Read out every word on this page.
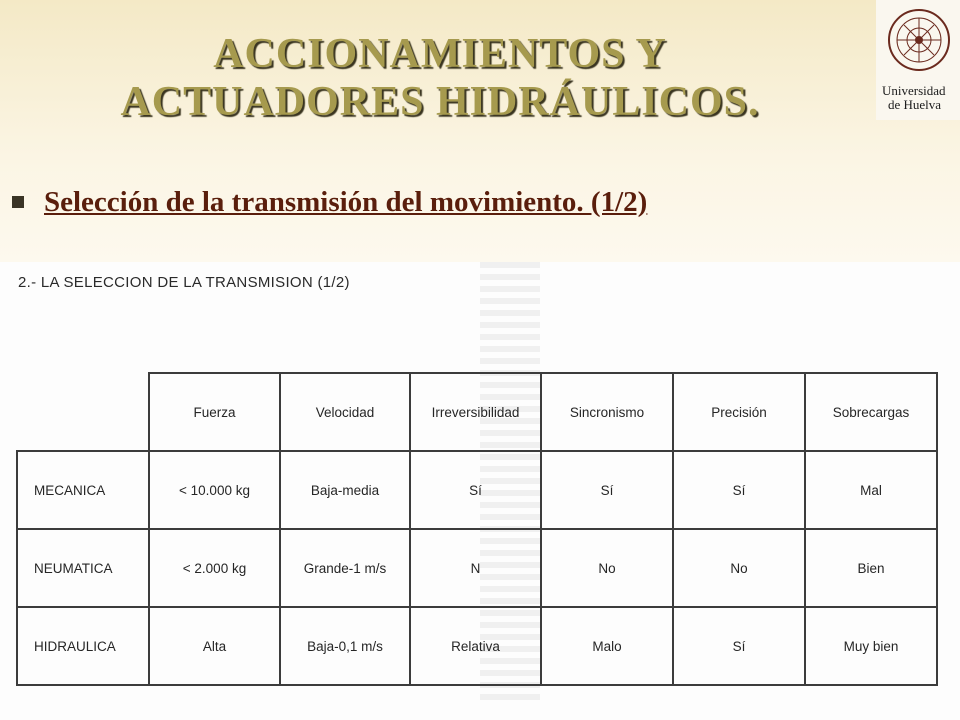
ACCIONAMIENTOS Y
ACTUADORES HIDRÁULICOS.	Universidad
de Huelva
Selección de la transmisión del movimiento. (1/2)
2.- LA SELECCION DE LA TRANSMISION (1/2)
	Fuerza	Velocidad	Irreversibilidad	Sincronismo	Precisión	Sobrecargas
MECANICA	< 10.000 kg	Baja-media	Sí	Sí	Sí	Mal
NEUMATICA	< 2.000 kg	Grande-1 m/s	N	No	No	Bien
HIDRAULICA	Alta	Baja-0,1 m/s	Relativa	Malo	Sí	Muy bien
